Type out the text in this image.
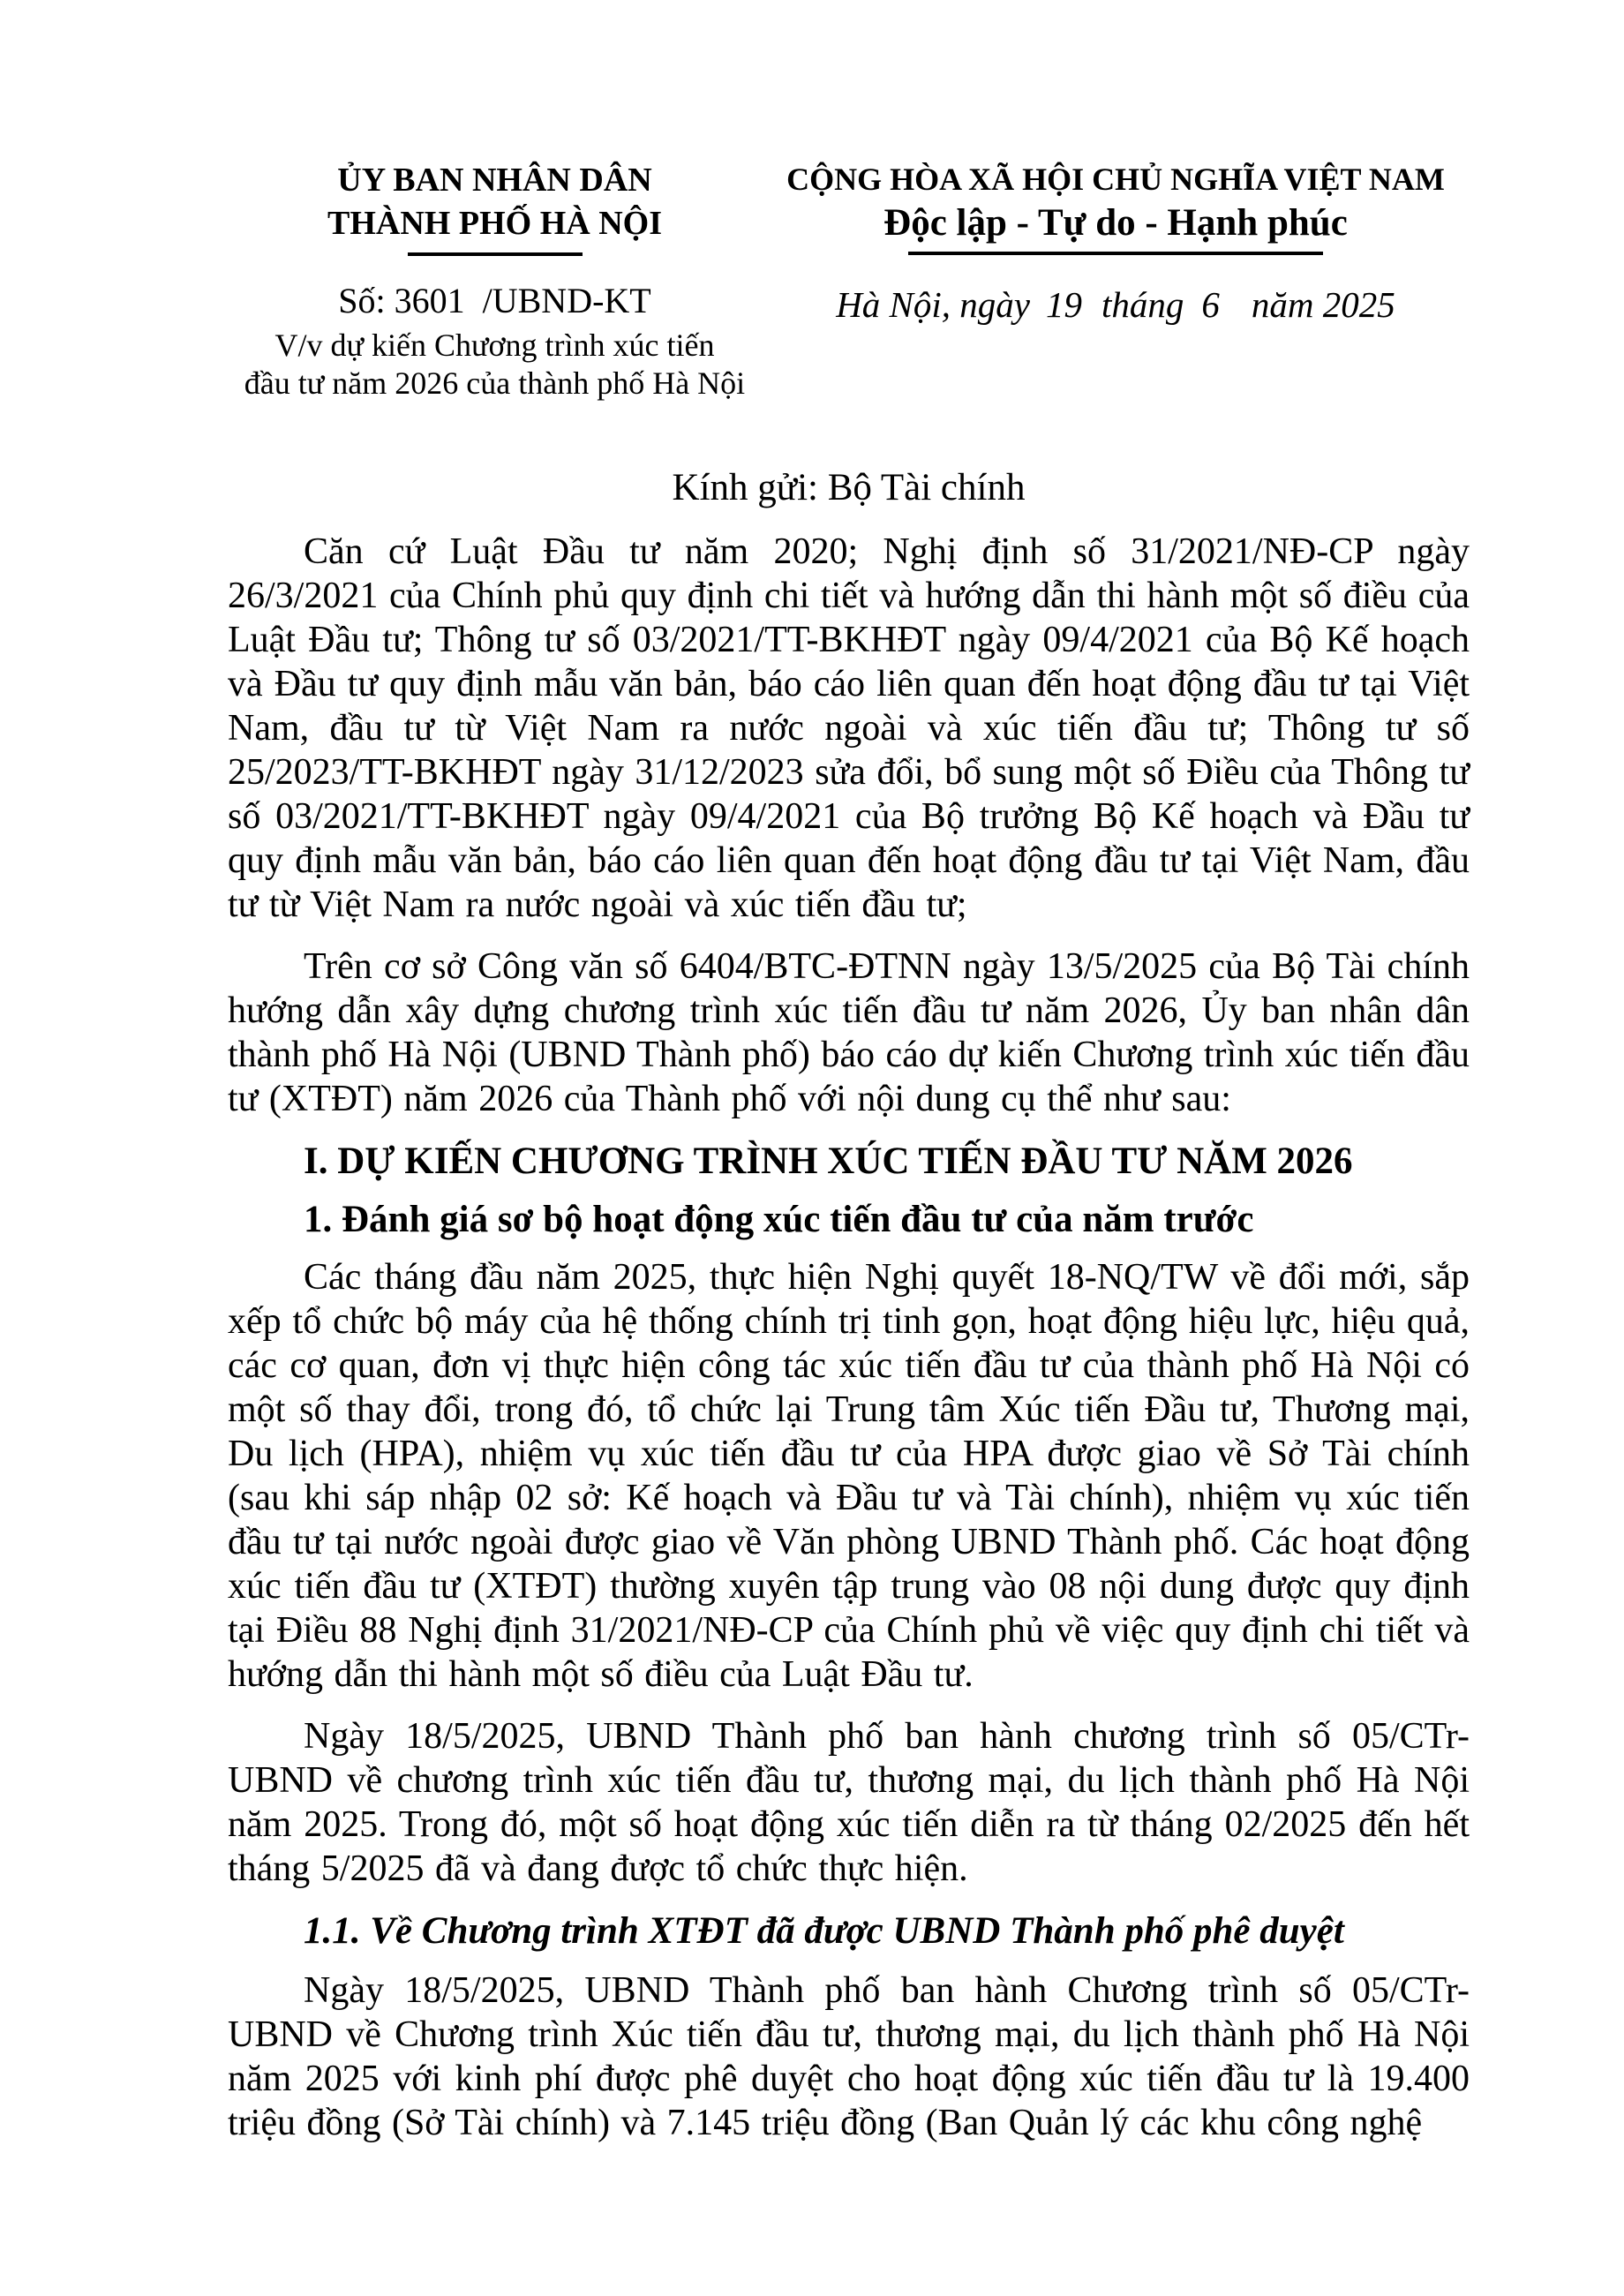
ỦY BAN NHÂN DÂN
THÀNH PHỐ HÀ NỘI
Số: 3601 /UBND-KT
V/v dự kiến Chương trình xúc tiến
đầu tư năm 2026 của thành phố Hà Nội
CỘNG HÒA XÃ HỘI CHỦ NGHĨA VIỆT NAM
Độc lập - Tự do - Hạnh phúc
Hà Nội, ngày 19 tháng 6 năm 2025
Kính gửi: Bộ Tài chính

Căn cứ Luật Đầu tư năm 2020; Nghị định số 31/2021/NĐ-CP ngày 26/3/2021 của Chính phủ quy định chi tiết và hướng dẫn thi hành một số điều của Luật Đầu tư; Thông tư số 03/2021/TT-BKHĐT ngày 09/4/2021 của Bộ Kế hoạch và Đầu tư quy định mẫu văn bản, báo cáo liên quan đến hoạt động đầu tư tại Việt Nam, đầu tư từ Việt Nam ra nước ngoài và xúc tiến đầu tư; Thông tư số 25/2023/TT-BKHĐT ngày 31/12/2023 sửa đổi, bổ sung một số Điều của Thông tư số 03/2021/TT-BKHĐT ngày 09/4/2021 của Bộ trưởng Bộ Kế hoạch và Đầu tư quy định mẫu văn bản, báo cáo liên quan đến hoạt động đầu tư tại Việt Nam, đầu tư từ Việt Nam ra nước ngoài và xúc tiến đầu tư;

Trên cơ sở Công văn số 6404/BTC-ĐTNN ngày 13/5/2025 của Bộ Tài chính hướng dẫn xây dựng chương trình xúc tiến đầu tư năm 2026, Ủy ban nhân dân thành phố Hà Nội (UBND Thành phố) báo cáo dự kiến Chương trình xúc tiến đầu tư (XTĐT) năm 2026 của Thành phố với nội dung cụ thể như sau:

I. DỰ KIẾN CHƯƠNG TRÌNH XÚC TIẾN ĐẦU TƯ NĂM 2026
1. Đánh giá sơ bộ hoạt động xúc tiến đầu tư của năm trước

Các tháng đầu năm 2025, thực hiện Nghị quyết 18-NQ/TW về đổi mới, sắp xếp tổ chức bộ máy của hệ thống chính trị tinh gọn, hoạt động hiệu lực, hiệu quả, các cơ quan, đơn vị thực hiện công tác xúc tiến đầu tư của thành phố Hà Nội có một số thay đổi, trong đó, tổ chức lại Trung tâm Xúc tiến Đầu tư, Thương mại, Du lịch (HPA), nhiệm vụ xúc tiến đầu tư của HPA được giao về Sở Tài chính (sau khi sáp nhập 02 sở: Kế hoạch và Đầu tư và Tài chính), nhiệm vụ xúc tiến đầu tư tại nước ngoài được giao về Văn phòng UBND Thành phố. Các hoạt động xúc tiến đầu tư (XTĐT) thường xuyên tập trung vào 08 nội dung được quy định tại Điều 88 Nghị định 31/2021/NĐ-CP của Chính phủ về việc quy định chi tiết và hướng dẫn thi hành một số điều của Luật Đầu tư.

Ngày 18/5/2025, UBND Thành phố ban hành chương trình số 05/CTr-UBND về chương trình xúc tiến đầu tư, thương mại, du lịch thành phố Hà Nội năm 2025. Trong đó, một số hoạt động xúc tiến diễn ra từ tháng 02/2025 đến hết tháng 5/2025 đã và đang được tổ chức thực hiện.

1.1. Về Chương trình XTĐT đã được UBND Thành phố phê duyệt

Ngày 18/5/2025, UBND Thành phố ban hành Chương trình số 05/CTr-UBND về Chương trình Xúc tiến đầu tư, thương mại, du lịch thành phố Hà Nội năm 2025 với kinh phí được phê duyệt cho hoạt động xúc tiến đầu tư là 19.400 triệu đồng (Sở Tài chính) và 7.145 triệu đồng (Ban Quản lý các khu công nghệ
